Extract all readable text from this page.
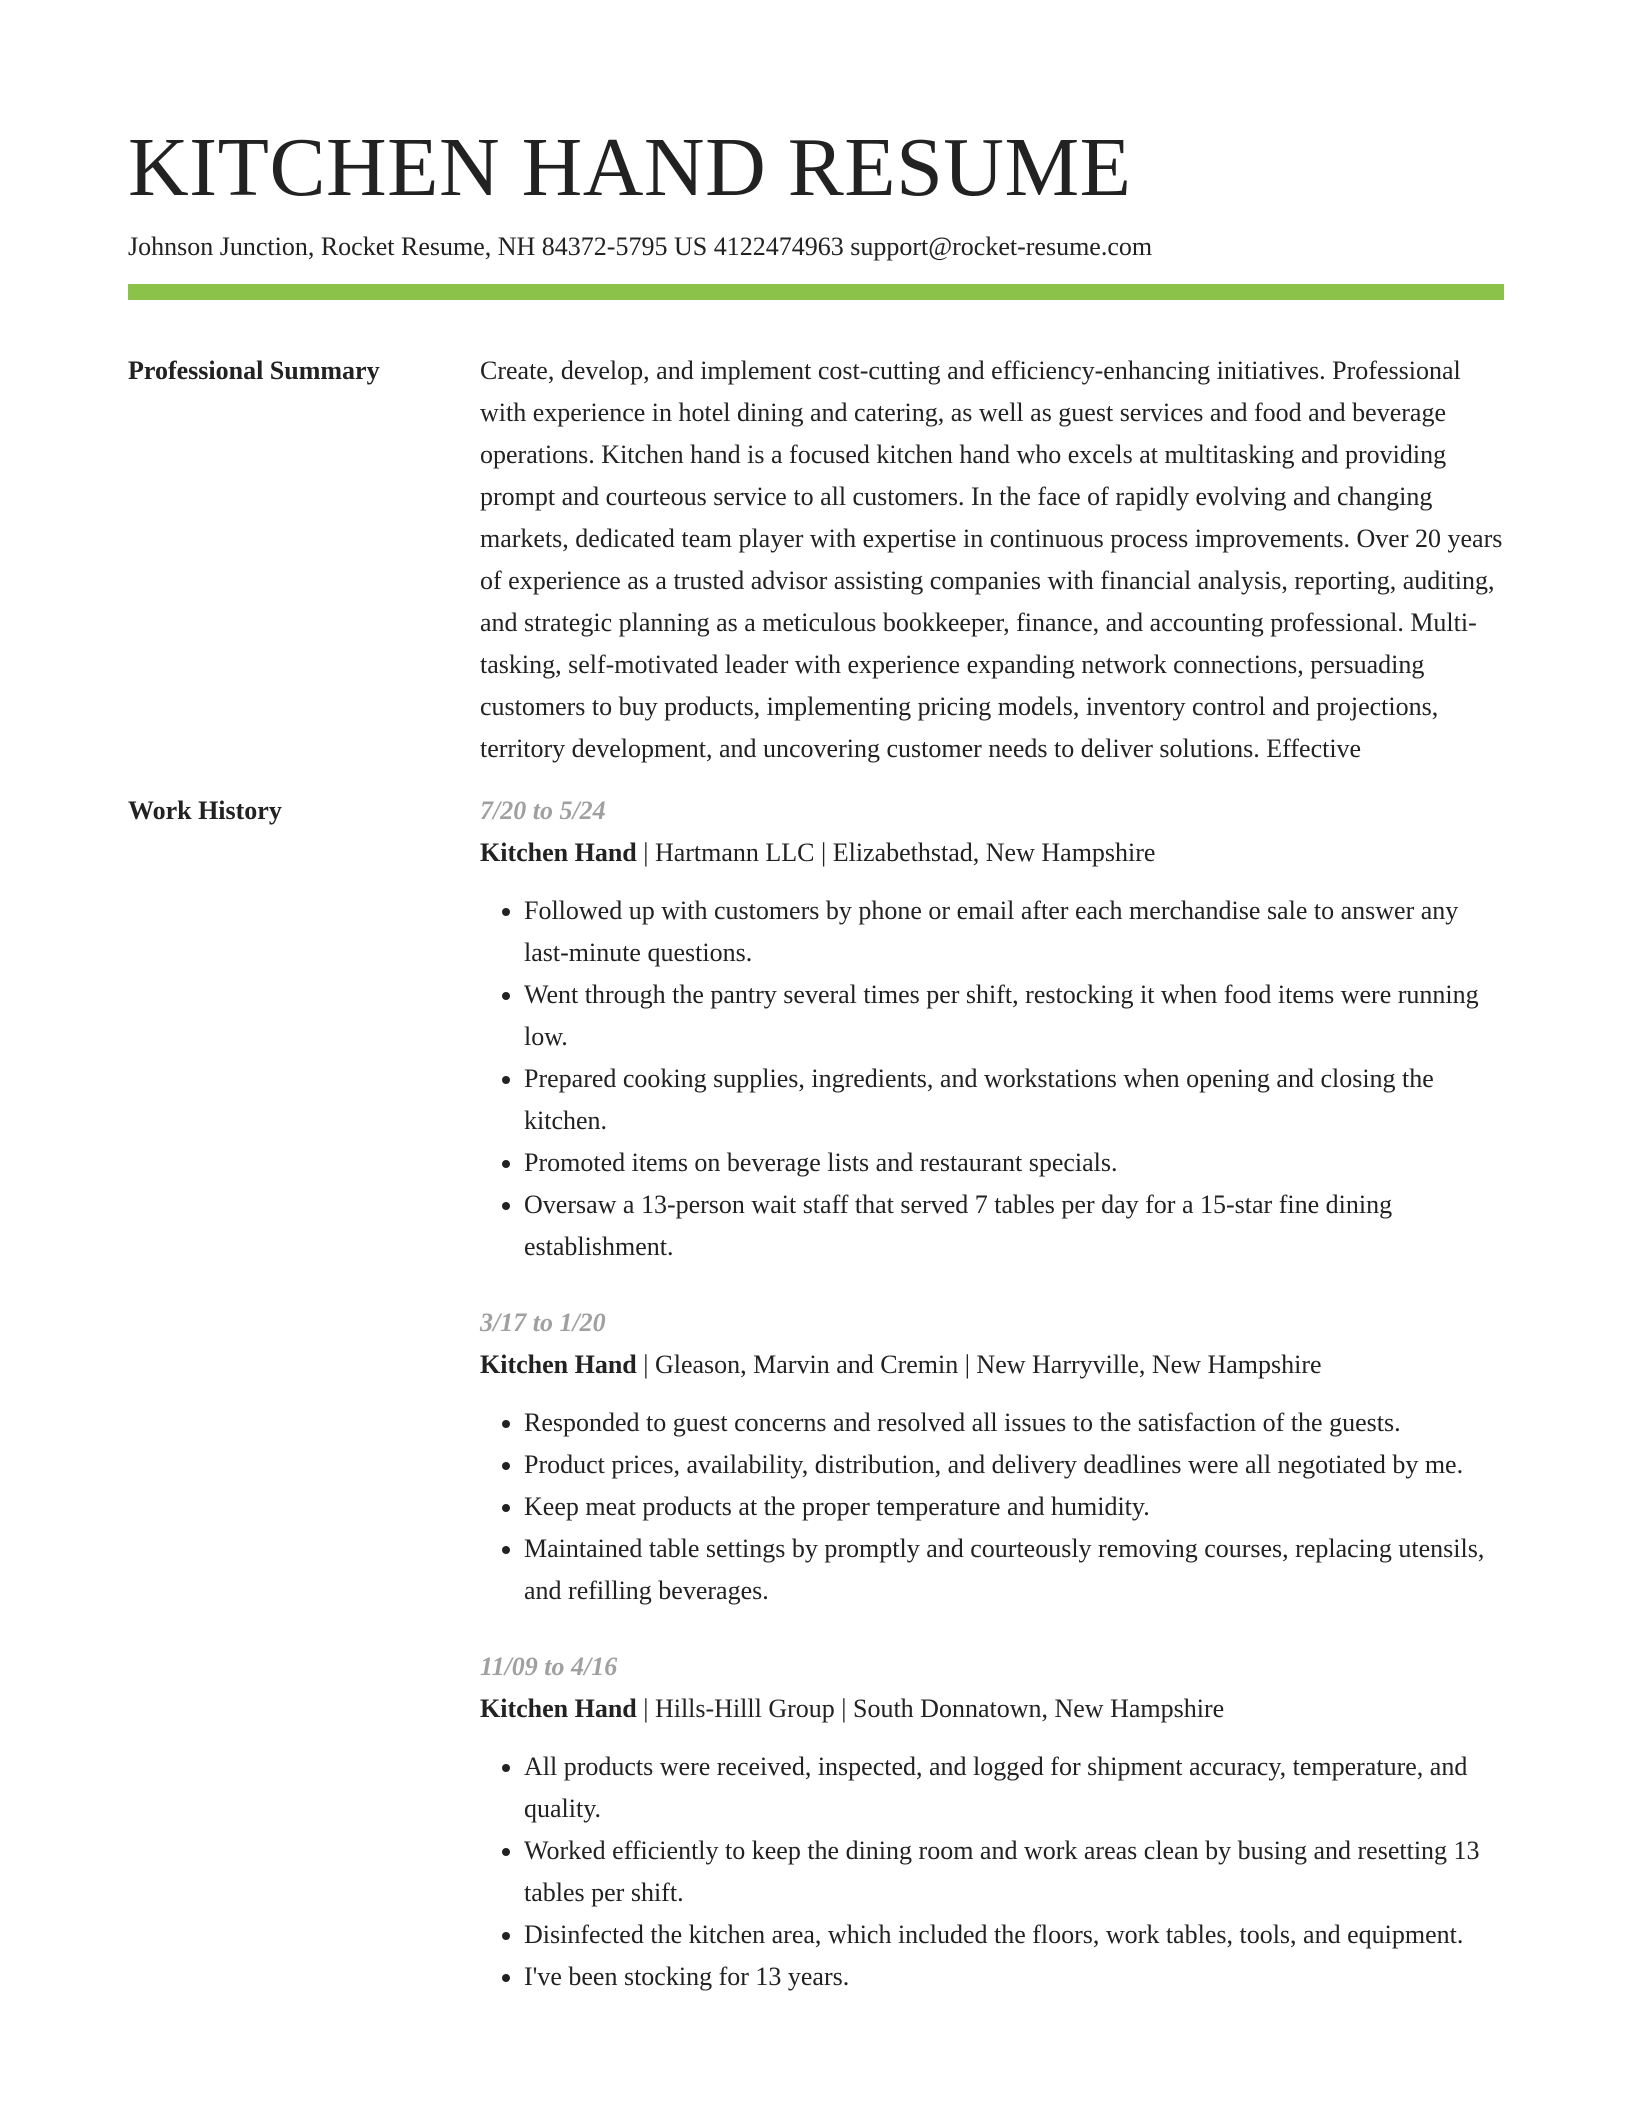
KITCHEN HAND RESUME
Johnson Junction, Rocket Resume, NH 84372-5795 US 4122474963 support@rocket-resume.com
Professional Summary	Create, develop, and implement cost-cutting and efficiency-enhancing initiatives. Professional with experience in hotel dining and catering, as well as guest services and food and beverage operations. Kitchen hand is a focused kitchen hand who excels at multitasking and providing prompt and courteous service to all customers. In the face of rapidly evolving and changing markets, dedicated team player with expertise in continuous process improvements. Over 20 years of experience as a trusted advisor assisting companies with financial analysis, reporting, auditing, and strategic planning as a meticulous bookkeeper, finance, and accounting professional. Multi-tasking, self-motivated leader with experience expanding network connections, persuading customers to buy products, implementing pricing models, inventory control and projections, territory development, and uncovering customer needs to deliver solutions. Effective

Work History	7/20 to 5/24
Kitchen Hand | Hartmann LLC | Elizabethstad, New Hampshire
• Followed up with customers by phone or email after each merchandise sale to answer any last-minute questions.
• Went through the pantry several times per shift, restocking it when food items were running low.
• Prepared cooking supplies, ingredients, and workstations when opening and closing the kitchen.
• Promoted items on beverage lists and restaurant specials.
• Oversaw a 13-person wait staff that served 7 tables per day for a 15-star fine dining establishment.
3/17 to 1/20
Kitchen Hand | Gleason, Marvin and Cremin | New Harryville, New Hampshire
• Responded to guest concerns and resolved all issues to the satisfaction of the guests.
• Product prices, availability, distribution, and delivery deadlines were all negotiated by me.
• Keep meat products at the proper temperature and humidity.
• Maintained table settings by promptly and courteously removing courses, replacing utensils, and refilling beverages.
11/09 to 4/16
Kitchen Hand | Hills-Hilll Group | South Donnatown, New Hampshire
• All products were received, inspected, and logged for shipment accuracy, temperature, and quality.
• Worked efficiently to keep the dining room and work areas clean by busing and resetting 13 tables per shift.
• Disinfected the kitchen area, which included the floors, work tables, tools, and equipment.
• I've been stocking for 13 years.
